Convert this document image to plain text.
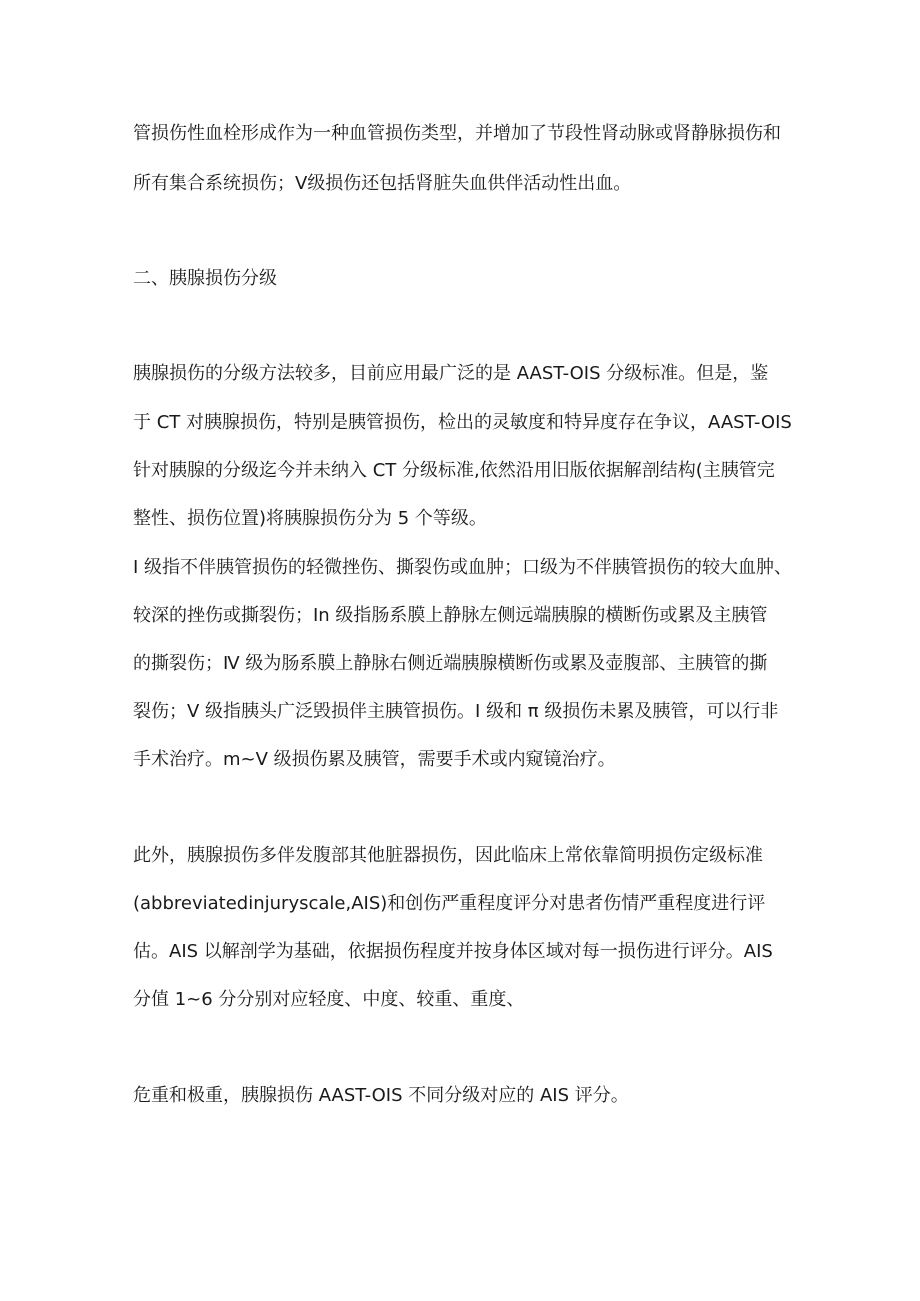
管损伤性血栓形成作为一种血管损伤类型，并增加了节段性肾动脉或肾静脉损伤和
所有集合系统损伤；Ⅴ级损伤还包括肾脏失血供伴活动性出血。
二、胰腺损伤分级
胰腺损伤的分级方法较多，目前应用最广泛的是 AAST-OIS 分级标准。但是，鉴
于 CT 对胰腺损伤，特别是胰管损伤，检出的灵敏度和特异度存在争议，AAST-OIS
针对胰腺的分级迄今并未纳入 CT 分级标准,依然沿用旧版依据解剖结构(主胰管完
整性、损伤位置)将胰腺损伤分为 5 个等级。
I 级指不伴胰管损伤的轻微挫伤、撕裂伤或血肿；口级为不伴胰管损伤的较大血肿、
较深的挫伤或撕裂伤；In 级指肠系膜上静脉左侧远端胰腺的横断伤或累及主胰管
的撕裂伤；Ⅳ 级为肠系膜上静脉右侧近端胰腺横断伤或累及壶腹部、主胰管的撕
裂伤；Ⅴ 级指胰头广泛毁损伴主胰管损伤。I 级和 π 级损伤未累及胰管，可以行非
手术治疗。m~Ⅴ 级损伤累及胰管，需要手术或内窥镜治疗。
此外，胰腺损伤多伴发腹部其他脏器损伤，因此临床上常依靠简明损伤定级标准
(abbreviatedinjuryscale,AIS)和创伤严重程度评分对患者伤情严重程度进行评
估。AIS 以解剖学为基础，依据损伤程度并按身体区域对每一损伤进行评分。AIS
分值 1~6 分分别对应轻度、中度、较重、重度、
危重和极重，胰腺损伤 AAST-OIS 不同分级对应的 AIS 评分。
